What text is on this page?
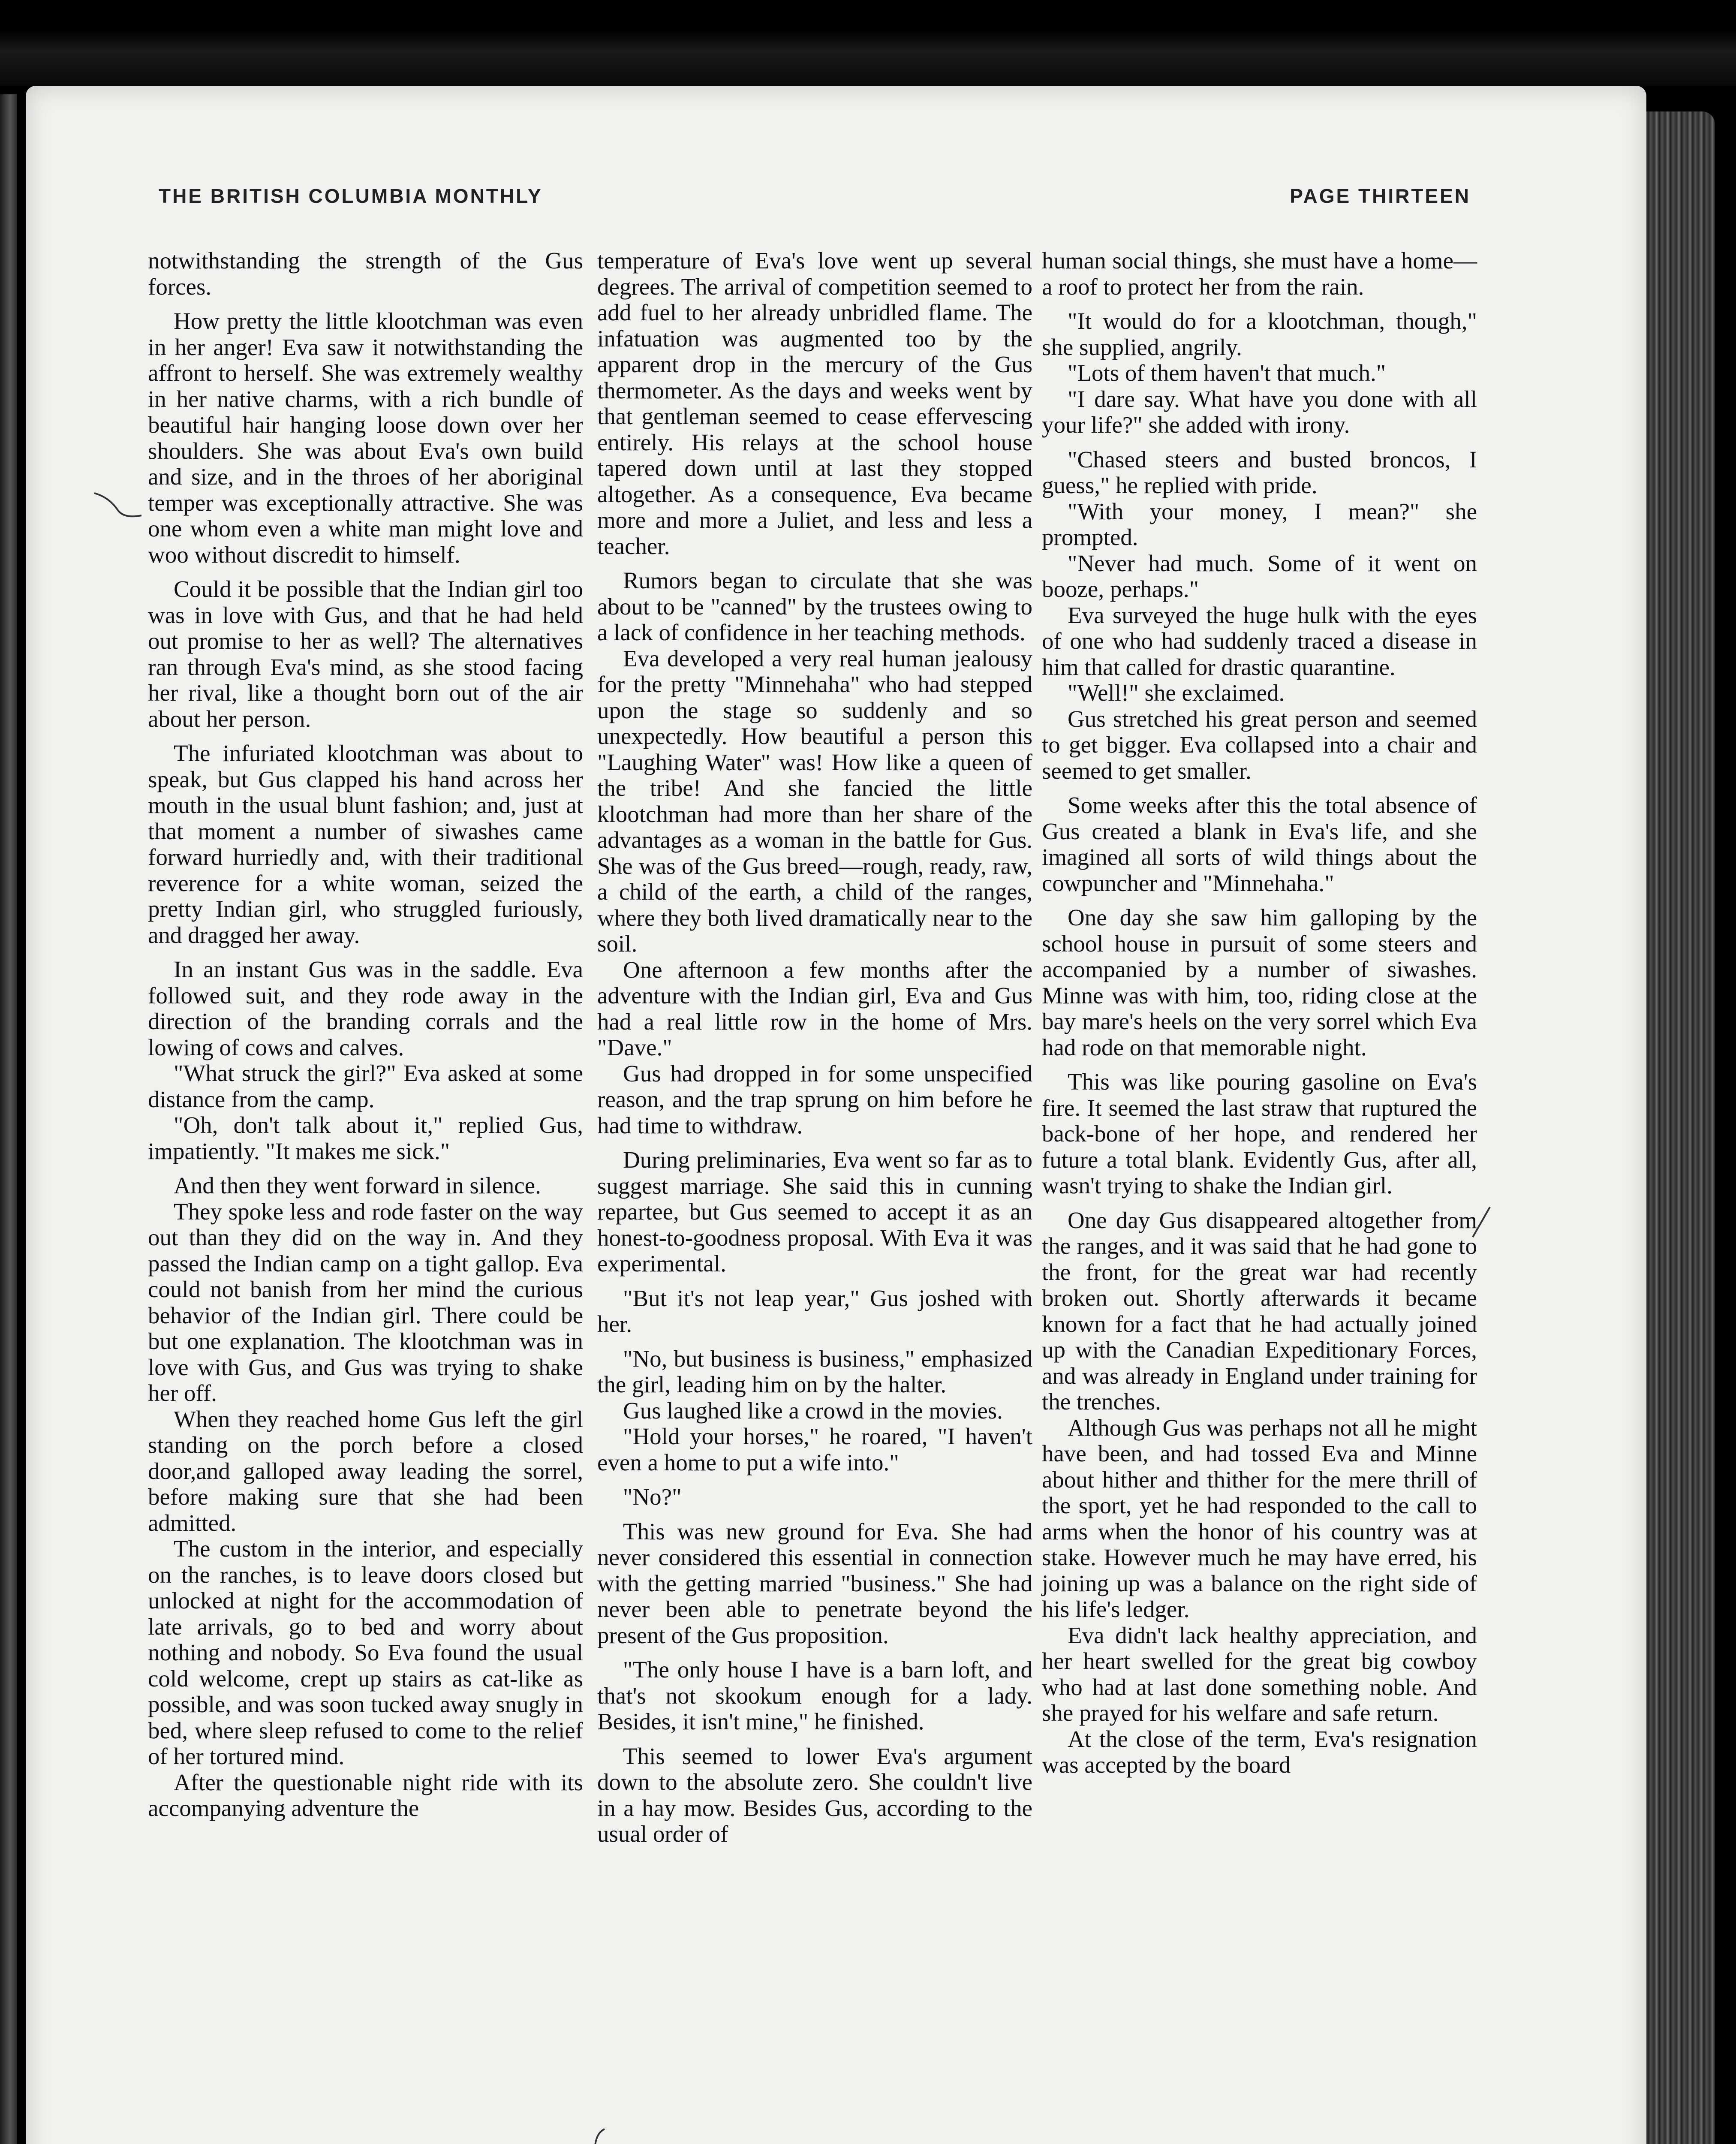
THE BRITISH COLUMBIA MONTHLY	PAGE THIRTEEN

notwithstanding the strength of the Gus forces.

How pretty the little klootchman was even in her anger! Eva saw it notwithstanding the affront to herself. She was extremely wealthy in her native charms, with a rich bundle of beautiful hair hanging loose down over her shoulders. She was about Eva's own build and size, and in the throes of her aboriginal temper was exceptionally attractive. She was one whom even a white man might love and woo without discredit to himself.

Could it be possible that the Indian girl too was in love with Gus, and that he had held out promise to her as well? The alternatives ran through Eva's mind, as she stood facing her rival, like a thought born out of the air about her person.

The infuriated klootchman was about to speak, but Gus clapped his hand across her mouth in the usual blunt fashion; and, just at that moment a number of siwashes came forward hurriedly and, with their traditional reverence for a white woman, seized the pretty Indian girl, who struggled furiously, and dragged her away.

In an instant Gus was in the saddle. Eva followed suit, and they rode away in the direction of the branding corrals and the lowing of cows and calves.

"What struck the girl?" Eva asked at some distance from the camp.

"Oh, don't talk about it," replied Gus, impatiently. "It makes me sick."

And then they went forward in silence.

They spoke less and rode faster on the way out than they did on the way in. And they passed the Indian camp on a tight gallop. Eva could not banish from her mind the curious behavior of the Indian girl. There could be but one explanation. The klootchman was in love with Gus, and Gus was trying to shake her off.

When they reached home Gus left the girl standing on the porch before a closed door,and galloped away leading the sorrel, before making sure that she had been admitted.

The custom in the interior, and especially on the ranches, is to leave doors closed but unlocked at night for the accommodation of late arrivals, go to bed and worry about nothing and nobody. So Eva found the usual cold welcome, crept up stairs as cat-like as possible, and was soon tucked away snugly in bed, where sleep refused to come to the relief of her tortured mind.

After the questionable night ride with its accompanying adventure the

temperature of Eva's love went up several degrees. The arrival of competition seemed to add fuel to her already unbridled flame. The infatuation was augmented too by the apparent drop in the mercury of the Gus thermometer. As the days and weeks went by that gentleman seemed to cease effervescing entirely. His relays at the school house tapered down until at last they stopped altogether. As a consequence, Eva became more and more a Juliet, and less and less a teacher.

Rumors began to circulate that she was about to be "canned" by the trustees owing to a lack of confidence in her teaching methods.

Eva developed a very real human jealousy for the pretty "Minnehaha" who had stepped upon the stage so suddenly and so unexpectedly. How beautiful a person this "Laughing Water" was! How like a queen of the tribe! And she fancied the little klootchman had more than her share of the advantages as a woman in the battle for Gus. She was of the Gus breed—rough, ready, raw, a child of the earth, a child of the ranges, where they both lived dramatically near to the soil.

One afternoon a few months after the adventure with the Indian girl, Eva and Gus had a real little row in the home of Mrs. "Dave."

Gus had dropped in for some unspecified reason, and the trap sprung on him before he had time to withdraw.

During preliminaries, Eva went so far as to suggest marriage. She said this in cunning repartee, but Gus seemed to accept it as an honest-to-goodness proposal. With Eva it was experimental.

"But it's not leap year," Gus joshed with her.

"No, but business is business," emphasized the girl, leading him on by the halter.

Gus laughed like a crowd in the movies.

"Hold your horses," he roared, "I haven't even a home to put a wife into."

"No?"

This was new ground for Eva. She had never considered this essential in connection with the getting married "business." She had never been able to penetrate beyond the present of the Gus proposition.

"The only house I have is a barn loft, and that's not skookum enough for a lady. Besides, it isn't mine," he finished.

This seemed to lower Eva's argument down to the absolute zero. She couldn't live in a hay mow. Besides Gus, according to the usual order of

human social things, she must have a home—a roof to protect her from the rain.

"It would do for a klootchman, though," she supplied, angrily.

"Lots of them haven't that much."

"I dare say. What have you done with all your life?" she added with irony.

"Chased steers and busted broncos, I guess," he replied with pride.

"With your money, I mean?" she prompted.

"Never had much. Some of it went on booze, perhaps."

Eva surveyed the huge hulk with the eyes of one who had suddenly traced a disease in him that called for drastic quarantine.

"Well!" she exclaimed.

Gus stretched his great person and seemed to get bigger. Eva collapsed into a chair and seemed to get smaller.

Some weeks after this the total absence of Gus created a blank in Eva's life, and she imagined all sorts of wild things about the cowpuncher and "Minnehaha."

One day she saw him galloping by the school house in pursuit of some steers and accompanied by a number of siwashes. Minne was with him, too, riding close at the bay mare's heels on the very sorrel which Eva had rode on that memorable night.

This was like pouring gasoline on Eva's fire. It seemed the last straw that ruptured the back-bone of her hope, and rendered her future a total blank. Evidently Gus, after all, wasn't trying to shake the Indian girl.

One day Gus disappeared altogether from the ranges, and it was said that he had gone to the front, for the great war had recently broken out. Shortly afterwards it became known for a fact that he had actually joined up with the Canadian Expeditionary Forces, and was already in England under training for the trenches.

Although Gus was perhaps not all he might have been, and had tossed Eva and Minne about hither and thither for the mere thrill of the sport, yet he had responded to the call to arms when the honor of his country was at stake. However much he may have erred, his joining up was a balance on the right side of his life's ledger.

Eva didn't lack healthy appreciation, and her heart swelled for the great big cowboy who had at last done something noble. And she prayed for his welfare and safe return.

At the close of the term, Eva's resignation was accepted by the board
